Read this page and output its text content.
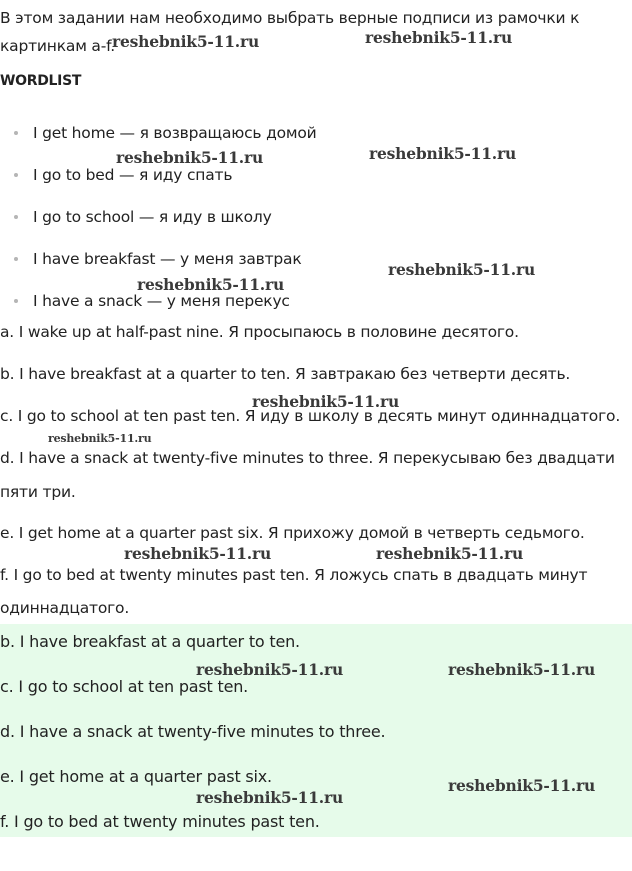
В этом задании нам необходимо выбрать верные подписи из рамочки к
картинкам a-f.
WORDLIST
I get home — я возвращаюсь домой
I go to bed — я иду спать
I go to school — я иду в школу
I have breakfast — у меня завтрак
I have a snack — у меня перекус
a. I wake up at half-past nine. Я просыпаюсь в половине десятого.
b. I have breakfast at a quarter to ten. Я завтракаю без четверти десять.
c. I go to school at ten past ten. Я иду в школу в десять минут одиннадцатого.
d. I have a snack at twenty-five minutes to three. Я перекусываю без двадцати
пяти три.
e. I get home at a quarter past six. Я прихожу домой в четверть седьмого.
f. I go to bed at twenty minutes past ten. Я ложусь спать в двадцать минут
одиннадцатого.
b. I have breakfast at a quarter to ten.
c. I go to school at ten past ten.
d. I have a snack at twenty-five minutes to three.
e. I get home at a quarter past six.
f. I go to bed at twenty minutes past ten.
reshebnik5-11.ru	reshebnik5-11.ru
reshebnik5-11.ru	reshebnik5-11.ru
reshebnik5-11.ru
reshebnik5-11.ru
reshebnik5-11.ru
reshebnik5-11.ru
reshebnik5-11.ru	reshebnik5-11.ru
reshebnik5-11.ru	reshebnik5-11.ru
reshebnik5-11.ru
reshebnik5-11.ru
